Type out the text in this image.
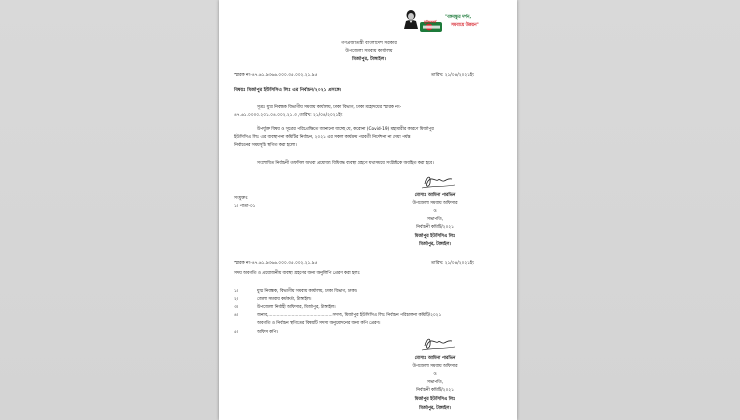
মুজিববর্ষ
"বঙ্গবন্ধুর দর্শন,
সমবায়ে উন্নয়ন"
গণপ্রজাতন্ত্রী বাংলাদেশ সরকার
উপজেলা সমবায় কার্যালয়
মির্জাপুর, টাঙ্গাইল।
স্মারক নং-৪৭.৬১.৯৩৬৬.০০০.৩৫.০০২.২১.৯৫	তারিখ: ২১/০৪/২০২১ইং
বিষয়ঃ মির্জাপুর ইউসিসিএ লিঃ এর নির্বাচন/২০২১ প্রসঙ্গে।
সূত্রঃ যুগ্ম নিবন্ধক বিভাগীয় সমবায় কার্যালয়, ঢাকা বিভাগ, ঢাকা মহোদয়ের স্মারক নং-
৪৭.৬১.০০০০.২০১.০৪.০০২.২১.৩ ,তারিখ: ২১/০৪/২০২১ইং
উপর্যুক্ত বিষয় ও সূত্রের পরিপ্রেক্ষিতে জানানো যাচ্ছে যে, করোনা (Covid-19) মহামারীর কারণে মির্জাপুর
ইউসিসিএ লিঃ এর ব্যবস্থাপনা কমিটির নির্বাচন, ২০২১ এর সকল কার্যক্রম পরবর্তী নির্দেশনা না দেয়া পর্যন্ত
নির্বাচনের সময়সূচি স্থগিত করা হলো।
সংশোধিত নির্বাচনী তফসিল অথবা প্রযোজ্য বিধিবদ্ধ ব্যবস্থা গ্রহণে যথাসময়ে সংশ্লিষ্টকে অবহিত করা হবে।
মোসাঃ আমিনা পারভিন
উপজেলা সমবায় অফিসার
ও
সভাপতি,
নির্বাচনী কমিটি/২০২১
মির্জাপুর ইউসিসিএ লিঃ
মির্জাপুর, টাঙ্গাইল।
সংযুক্তঃ
১। পাতা-০১
স্মারক নং-৪৭.৬১.৯৩৬৬.০০০.৩৫.০০২.২১.৯৫	তারিখ: ২১/০৪/২০২১ইং
সদয় অবগতি ও প্রয়োজনীয় ব্যবস্থা গ্রহণের জন্য অনুলিপি প্রেরণ করা হলঃ
মোসাঃ আমিনা পারভিন
উপজেলা সমবায় অফিসার
ও
সভাপতি,
নির্বাচনী কমিটি/২০২১
মির্জাপুর ইউসিসিএ লিঃ
মির্জাপুর, টাঙ্গাইল।
১।	যুগ্ম নিবন্ধক, বিভাগীয় সমবায় কার্যালয়, ঢাকা বিভাগ, ঢাকা।
২।	জেলা সমবায় কর্মকর্তা, টাঙ্গাইল।
৩।	উপজেলা নির্বাহী অফিসার, মির্জাপুর, টাঙ্গাইল।
৪।	জনাব,...............................................সদস্য, মির্জাপুর ইউসিসিএ লিঃ নির্বাচন পরিচালনা কমিটি/২০২১
অবগতি ও নির্বাচন স্থগিতের বিষয়টি সদস্য অনুমোদনের জন্য কপি প্রেরণ।
৫।	অফিস কপি।
